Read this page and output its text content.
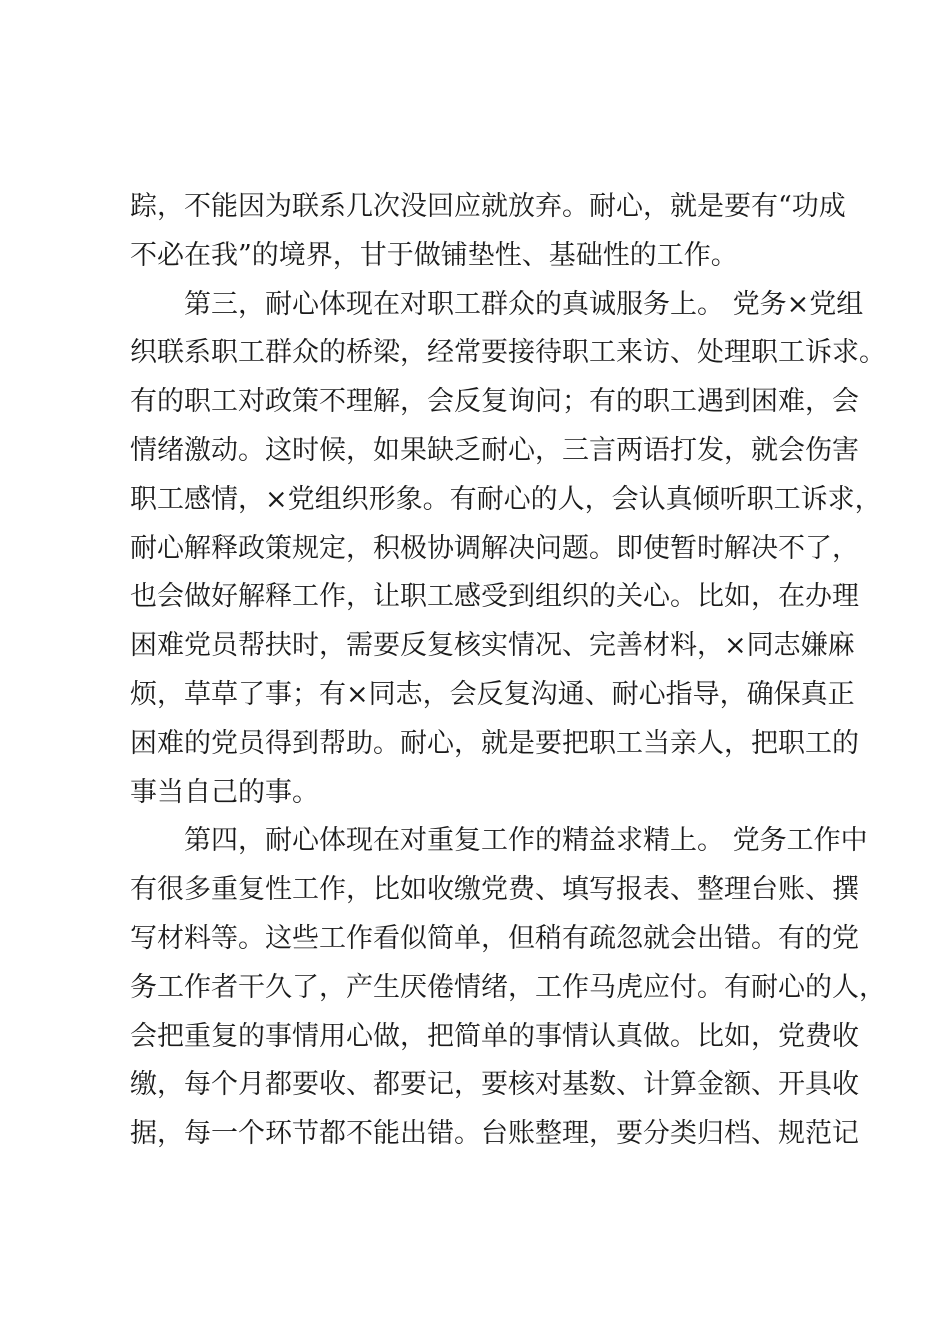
踪，不能因为联系几次没回应就放弃。耐心，就是要有“功成
不必在我”的境界，甘于做铺垫性、基础性的工作。
第三，耐心体现在对职工群众的真诚服务上。 党务×党组
织联系职工群众的桥梁，经常要接待职工来访、处理职工诉求。
有的职工对政策不理解，会反复询问；有的职工遇到困难，会
情绪激动。这时候，如果缺乏耐心，三言两语打发，就会伤害
职工感情，×党组织形象。有耐心的人，会认真倾听职工诉求，
耐心解释政策规定，积极协调解决问题。即使暂时解决不了，
也会做好解释工作，让职工感受到组织的关心。比如，在办理
困难党员帮扶时，需要反复核实情况、完善材料，×同志嫌麻
烦，草草了事；有×同志，会反复沟通、耐心指导，确保真正
困难的党员得到帮助。耐心，就是要把职工当亲人，把职工的
事当自己的事。
第四，耐心体现在对重复工作的精益求精上。 党务工作中
有很多重复性工作，比如收缴党费、填写报表、整理台账、撰
写材料等。这些工作看似简单，但稍有疏忽就会出错。有的党
务工作者干久了，产生厌倦情绪，工作马虎应付。有耐心的人，
会把重复的事情用心做，把简单的事情认真做。比如，党费收
缴，每个月都要收、都要记，要核对基数、计算金额、开具收
据，每一个环节都不能出错。台账整理，要分类归档、规范记
